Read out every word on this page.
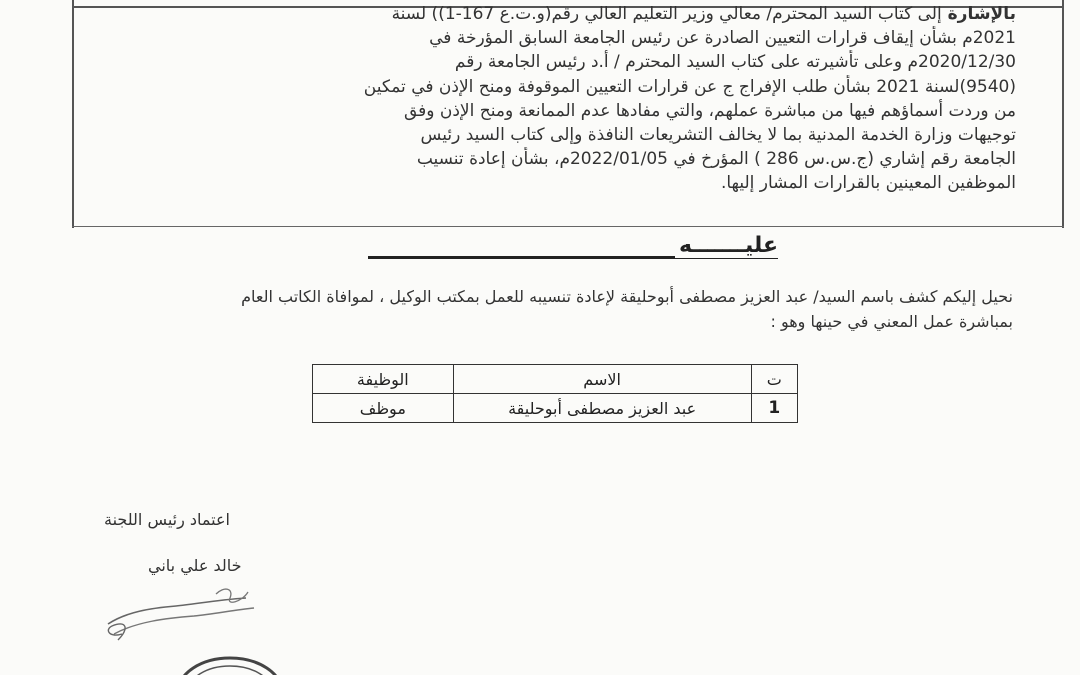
بالإشارة إلى كتاب السيد المحترم/ معالي وزير التعليم العالي رقم(و.ت.ع 167-1)) لسنة
2021م بشأن إيقاف قرارات التعيين الصادرة عن رئيس الجامعة السابق المؤرخة في
2020/12/30م وعلى تأشيرته على كتاب السيد المحترم / أ.د رئيس الجامعة رقم
(9540)لسنة 2021 بشأن طلب الإفراج ج عن قرارات التعيين الموقوفة ومنح الإذن في تمكين
من وردت أسماؤهم فيها من مباشرة عملهم، والتي مفادها عدم الممانعة ومنح الإذن وفق
توجيهات وزارة الخدمة المدنية بما لا يخالف التشريعات النافذة وإلى كتاب السيد رئيس
الجامعة رقم إشاري (ج.س.س 286 ) المؤرخ في 2022/01/05م، بشأن إعادة تنسيب
الموظفين المعينين بالقرارات المشار إليها.
عليـــــــه
نحيل إليكم كشف باسم السيد/ عبد العزيز مصطفى أبوحليقة لإعادة تنسيبه للعمل بمكتب الوكيل ، لموافاة الكاتب العام
بمباشرة عمل المعني في حينها وهو :
ت	الاسم	الوظيفة
1	عبد العزيز مصطفى أبوحليقة	موظف
اعتماد رئيس اللجنة
خالد علي باني
